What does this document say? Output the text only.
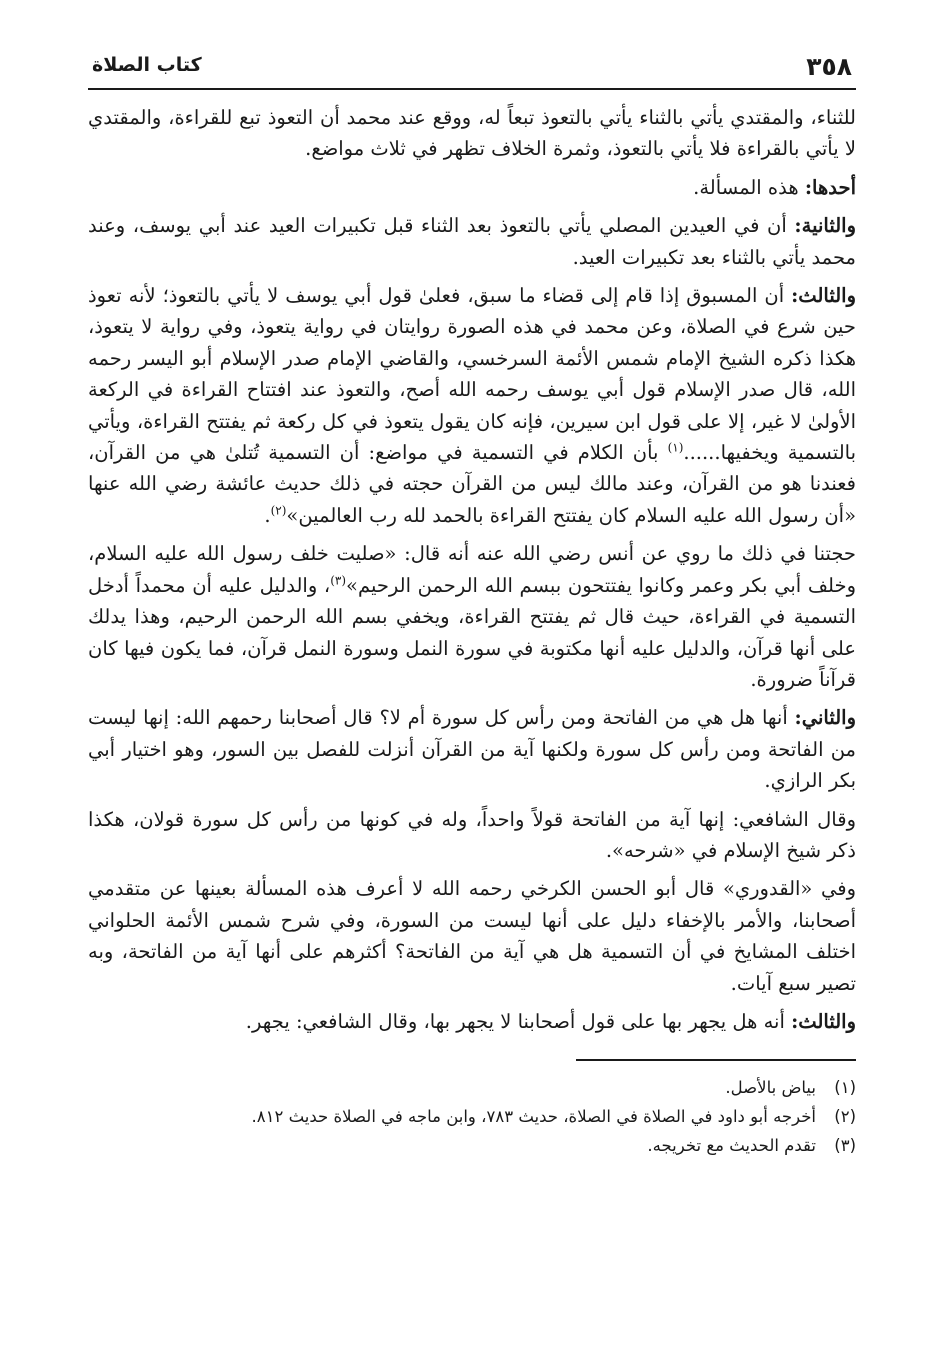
٣٥٨
كتاب الصلاة

للثناء، والمقتدي يأتي بالثناء يأتي بالتعوذ تبعاً له، ووقع عند محمد أن التعوذ تبع للقراءة، والمقتدي لا يأتي بالقراءة فلا يأتي بالتعوذ، وثمرة الخلاف تظهر في ثلاث مواضع.

أحدها: هذه المسألة.

والثانية: أن في العيدين المصلي يأتي بالتعوذ بعد الثناء قبل تكبيرات العيد عند أبي يوسف، وعند محمد يأتي بالثناء بعد تكبيرات العيد.

والثالث: أن المسبوق إذا قام إلى قضاء ما سبق، فعلىٰ قول أبي يوسف لا يأتي بالتعوذ؛ لأنه تعوذ حين شرع في الصلاة، وعن محمد في هذه الصورة روايتان في رواية يتعوذ، وفي رواية لا يتعوذ، هكذا ذكره الشيخ الإمام شمس الأئمة السرخسي، والقاضي الإمام صدر الإسلام أبو اليسر رحمه الله، قال صدر الإسلام قول أبي يوسف رحمه الله أصح، والتعوذ عند افتتاح القراءة في الركعة الأولىٰ لا غير، إلا على قول ابن سيرين، فإنه كان يقول يتعوذ في كل ركعة ثم يفتتح القراءة، ويأتي بالتسمية ويخفيها......$^{(١)}$ بأن الكلام في التسمية في مواضع: أن التسمية تُتلىٰ هي من القرآن، فعندنا هو من القرآن، وعند مالك ليس من القرآن حجته في ذلك حديث عائشة رضي الله عنها «أن رسول الله عليه السلام كان يفتتح القراءة بالحمد لله رب العالمين»$^{(٢)}$.

حجتنا في ذلك ما روي عن أنس رضي الله عنه أنه قال: «صليت خلف رسول الله عليه السلام، وخلف أبي بكر وعمر وكانوا يفتتحون ببسم الله الرحمن الرحيم»$^{(٣)}$، والدليل عليه أن محمداً أدخل التسمية في القراءة، حيث قال ثم يفتتح القراءة، ويخفي بسم الله الرحمن الرحيم، وهذا يدلك على أنها قرآن، والدليل عليه أنها مكتوبة في سورة النمل وسورة النمل قرآن، فما يكون فيها كان قرآناً ضرورة.

والثاني: أنها هل هي من الفاتحة ومن رأس كل سورة أم لا؟ قال أصحابنا رحمهم الله: إنها ليست من الفاتحة ومن رأس كل سورة ولكنها آية من القرآن أنزلت للفصل بين السور، وهو اختيار أبي بكر الرازي.

وقال الشافعي: إنها آية من الفاتحة قولاً واحداً، وله في كونها من رأس كل سورة قولان، هكذا ذكر شيخ الإسلام في «شرحه».

وفي «القدوري» قال أبو الحسن الكرخي رحمه الله لا أعرف هذه المسألة بعينها عن متقدمي أصحابنا، والأمر بالإخفاء دليل على أنها ليست من السورة، وفي شرح شمس الأئمة الحلواني اختلف المشايخ في أن التسمية هل هي آية من الفاتحة؟ أكثرهم على أنها آية من الفاتحة، وبه تصير سبع آيات.

والثالث: أنه هل يجهر بها على قول أصحابنا لا يجهر بها، وقال الشافعي: يجهر.

(١)
بياض بالأصل.
(٢)
أخرجه أبو داود في الصلاة في الصلاة، حديث ٧٨٣، وابن ماجه في الصلاة حديث ٨١٢.
(٣)
تقدم الحديث مع تخريجه.
